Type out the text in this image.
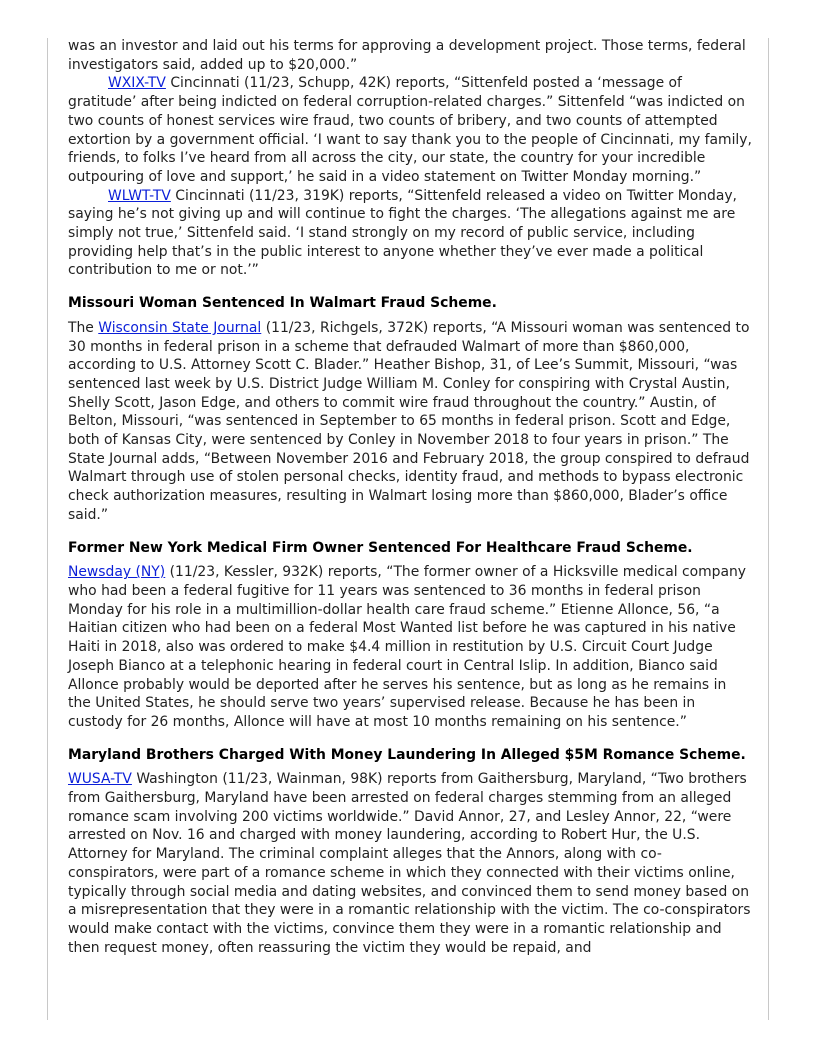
was an investor and laid out his terms for approving a development project. Those terms, federal investigators said, added up to $20,000.”

WXIX-TV Cincinnati (11/23, Schupp, 42K) reports, “Sittenfeld posted a ‘message of gratitude’ after being indicted on federal corruption-related charges.” Sittenfeld “was indicted on two counts of honest services wire fraud, two counts of bribery, and two counts of attempted extortion by a government official. ‘I want to say thank you to the people of Cincinnati, my family, friends, to folks I’ve heard from all across the city, our state, the country for your incredible outpouring of love and support,’ he said in a video statement on Twitter Monday morning.”

WLWT-TV Cincinnati (11/23, 319K) reports, “Sittenfeld released a video on Twitter Monday, saying he’s not giving up and will continue to fight the charges. ‘The allegations against me are simply not true,’ Sittenfeld said. ‘I stand strongly on my record of public service, including providing help that’s in the public interest to anyone whether they’ve ever made a political contribution to me or not.’”

Missouri Woman Sentenced In Walmart Fraud Scheme.

The Wisconsin State Journal (11/23, Richgels, 372K) reports, “A Missouri woman was sentenced to 30 months in federal prison in a scheme that defrauded Walmart of more than $860,000, according to U.S. Attorney Scott C. Blader.” Heather Bishop, 31, of Lee’s Summit, Missouri, “was sentenced last week by U.S. District Judge William M. Conley for conspiring with Crystal Austin, Shelly Scott, Jason Edge, and others to commit wire fraud throughout the country.” Austin, of Belton, Missouri, “was sentenced in September to 65 months in federal prison. Scott and Edge, both of Kansas City, were sentenced by Conley in November 2018 to four years in prison.” The State Journal adds, “Between November 2016 and February 2018, the group conspired to defraud Walmart through use of stolen personal checks, identity fraud, and methods to bypass electronic check authorization measures, resulting in Walmart losing more than $860,000, Blader’s office said.”

Former New York Medical Firm Owner Sentenced For Healthcare Fraud Scheme.

Newsday (NY) (11/23, Kessler, 932K) reports, “The former owner of a Hicksville medical company who had been a federal fugitive for 11 years was sentenced to 36 months in federal prison Monday for his role in a multimillion-dollar health care fraud scheme.” Etienne Allonce, 56, “a Haitian citizen who had been on a federal Most Wanted list before he was captured in his native Haiti in 2018, also was ordered to make $4.4 million in restitution by U.S. Circuit Court Judge Joseph Bianco at a telephonic hearing in federal court in Central Islip. In addition, Bianco said Allonce probably would be deported after he serves his sentence, but as long as he remains in the United States, he should serve two years’ supervised release. Because he has been in custody for 26 months, Allonce will have at most 10 months remaining on his sentence.”

Maryland Brothers Charged With Money Laundering In Alleged $5M Romance Scheme.

WUSA-TV Washington (11/23, Wainman, 98K) reports from Gaithersburg, Maryland, “Two brothers from Gaithersburg, Maryland have been arrested on federal charges stemming from an alleged romance scam involving 200 victims worldwide.” David Annor, 27, and Lesley Annor, 22, “were arrested on Nov. 16 and charged with money laundering, according to Robert Hur, the U.S. Attorney for Maryland. The criminal complaint alleges that the Annors, along with co-conspirators, were part of a romance scheme in which they connected with their victims online, typically through social media and dating websites, and convinced them to send money based on a misrepresentation that they were in a romantic relationship with the victim. The co-conspirators would make contact with the victims, convince them they were in a romantic relationship and then request money, often reassuring the victim they would be repaid, and
